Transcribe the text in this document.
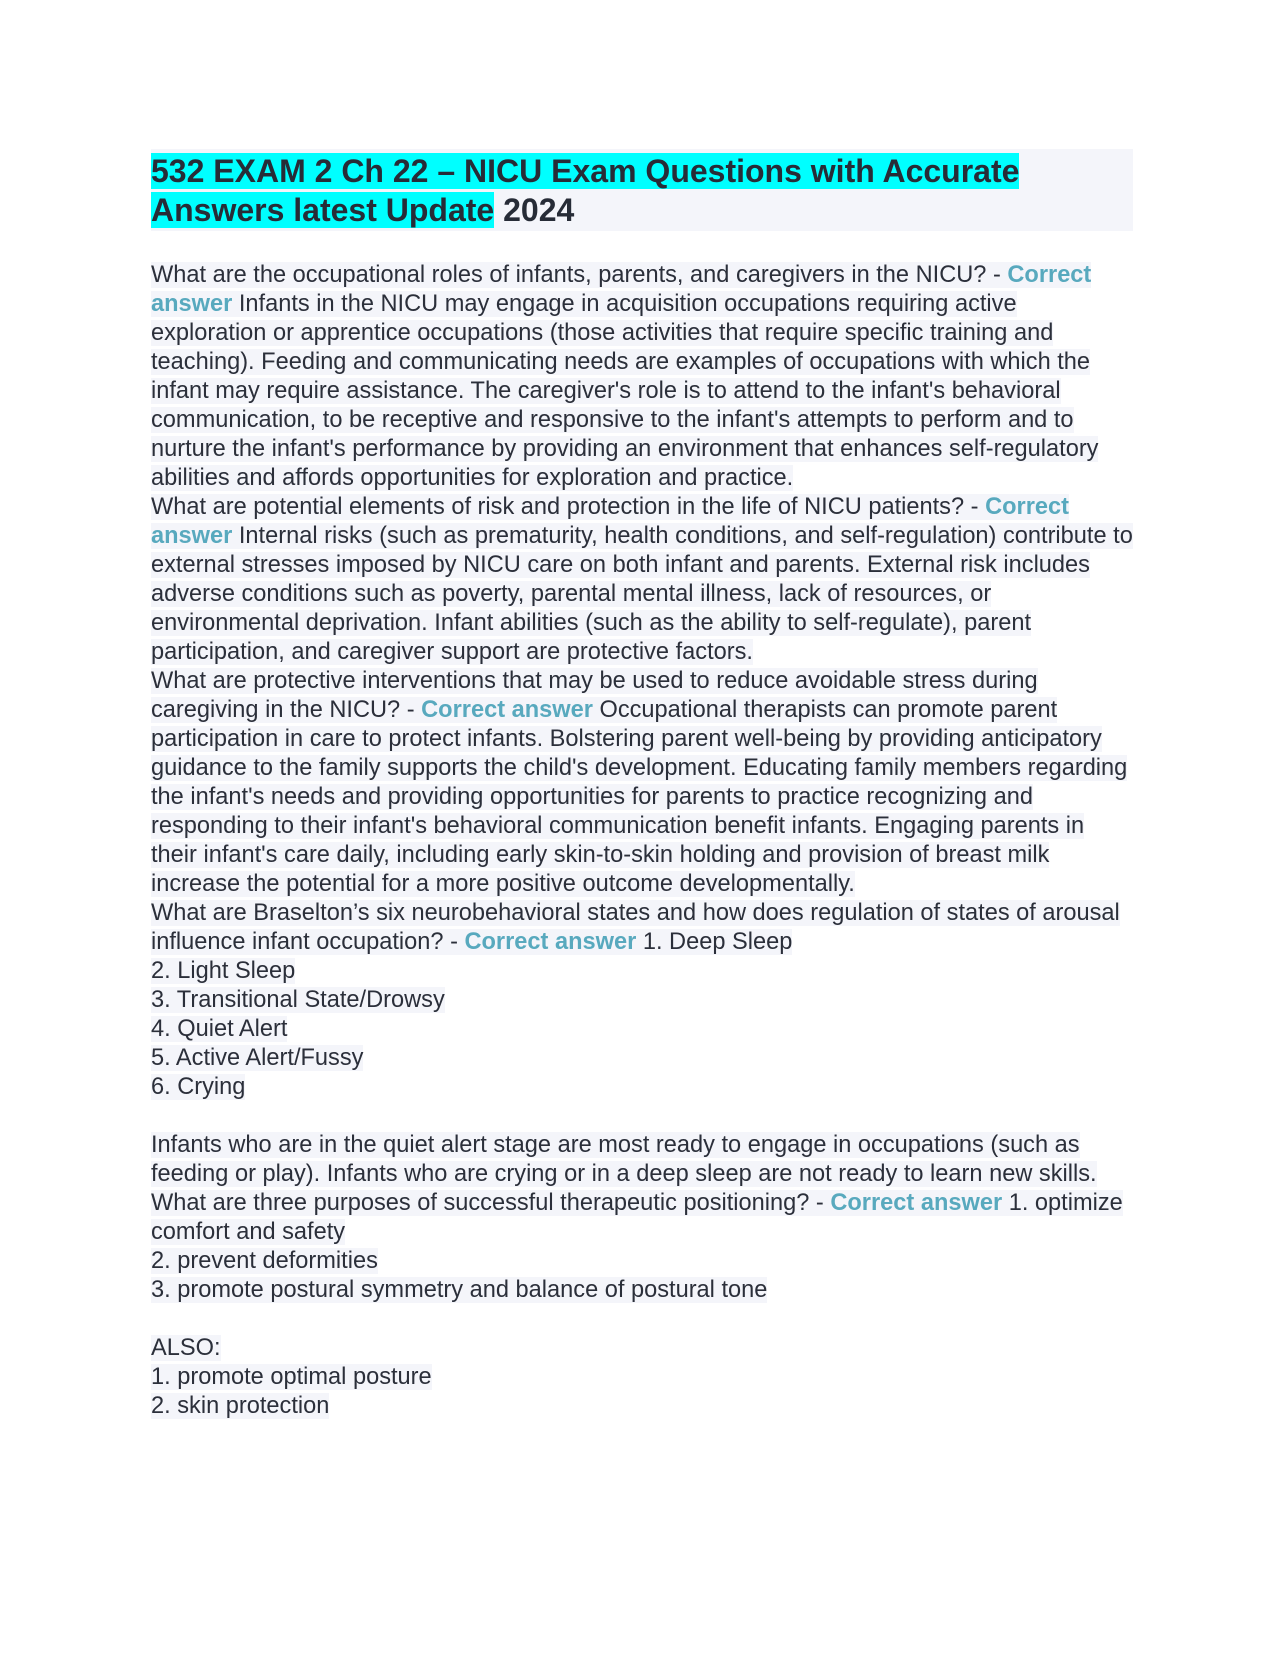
532 EXAM 2 Ch 22 – NICU Exam Questions with Accurate Answers latest Update 2024

What are the occupational roles of infants, parents, and caregivers in the NICU? - Correct answer Infants in the NICU may engage in acquisition occupations requiring active exploration or apprentice occupations (those activities that require specific training and teaching). Feeding and communicating needs are examples of occupations with which the infant may require assistance. The caregiver's role is to attend to the infant's behavioral communication, to be receptive and responsive to the infant's attempts to perform and to nurture the infant's performance by providing an environment that enhances self-regulatory abilities and affords opportunities for exploration and practice.

What are potential elements of risk and protection in the life of NICU patients? - Correct answer Internal risks (such as prematurity, health conditions, and self-regulation) contribute to external stresses imposed by NICU care on both infant and parents. External risk includes adverse conditions such as poverty, parental mental illness, lack of resources, or environmental deprivation. Infant abilities (such as the ability to self-regulate), parent participation, and caregiver support are protective factors.

What are protective interventions that may be used to reduce avoidable stress during caregiving in the NICU? - Correct answer Occupational therapists can promote parent participation in care to protect infants. Bolstering parent well-being by providing anticipatory guidance to the family supports the child's development. Educating family members regarding the infant's needs and providing opportunities for parents to practice recognizing and responding to their infant's behavioral communication benefit infants. Engaging parents in their infant's care daily, including early skin-to-skin holding and provision of breast milk increase the potential for a more positive outcome developmentally.

What are Braselton’s six neurobehavioral states and how does regulation of states of arousal influence infant occupation? - Correct answer 1. Deep Sleep
2. Light Sleep
3. Transitional State/Drowsy
4. Quiet Alert
5. Active Alert/Fussy
6. Crying
Infants who are in the quiet alert stage are most ready to engage in occupations (such as feeding or play). Infants who are crying or in a deep sleep are not ready to learn new skills.
What are three purposes of successful therapeutic positioning? - Correct answer 1. optimize comfort and safety
2. prevent deformities
3. promote postural symmetry and balance of postural tone
ALSO:
1. promote optimal posture
2. skin protection
